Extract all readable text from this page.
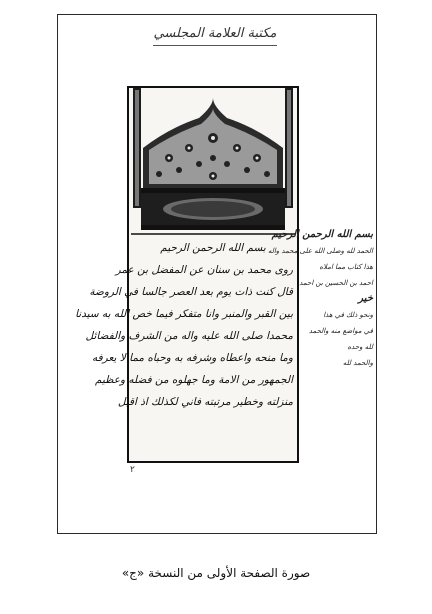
مكتبة العلامة المجلسي
بسم الله الرحمن الرحيم
روى محمد بن سنان عن المفضل بن عمر
قال كنت ذات يوم بعد العصر جالسا في الروضة
بين القبر والمنبر وانا متفكر فيما خص الله به سيدنا
محمدا صلى الله عليه واله من الشرف والفضائل
وما منحه واعطاه وشرفه به وحباه مما لا يعرفه
الجمهور من الامة وما جهلوه من فضله وعظيم
منزلته وخطير مرتبته فاني لكذلك اذ اقبل
بسم الله الرحمن الرحيم
الحمد لله وصلى الله على محمد واله
هذا كتاب مما املاه
احمد بن الحسين بن احمد
خير
ونحو ذلك في هذا
في مواضع منه والحمد
لله وحده
والحمد لله
٢
صورة الصفحة الأولى من النسخة «ج»
